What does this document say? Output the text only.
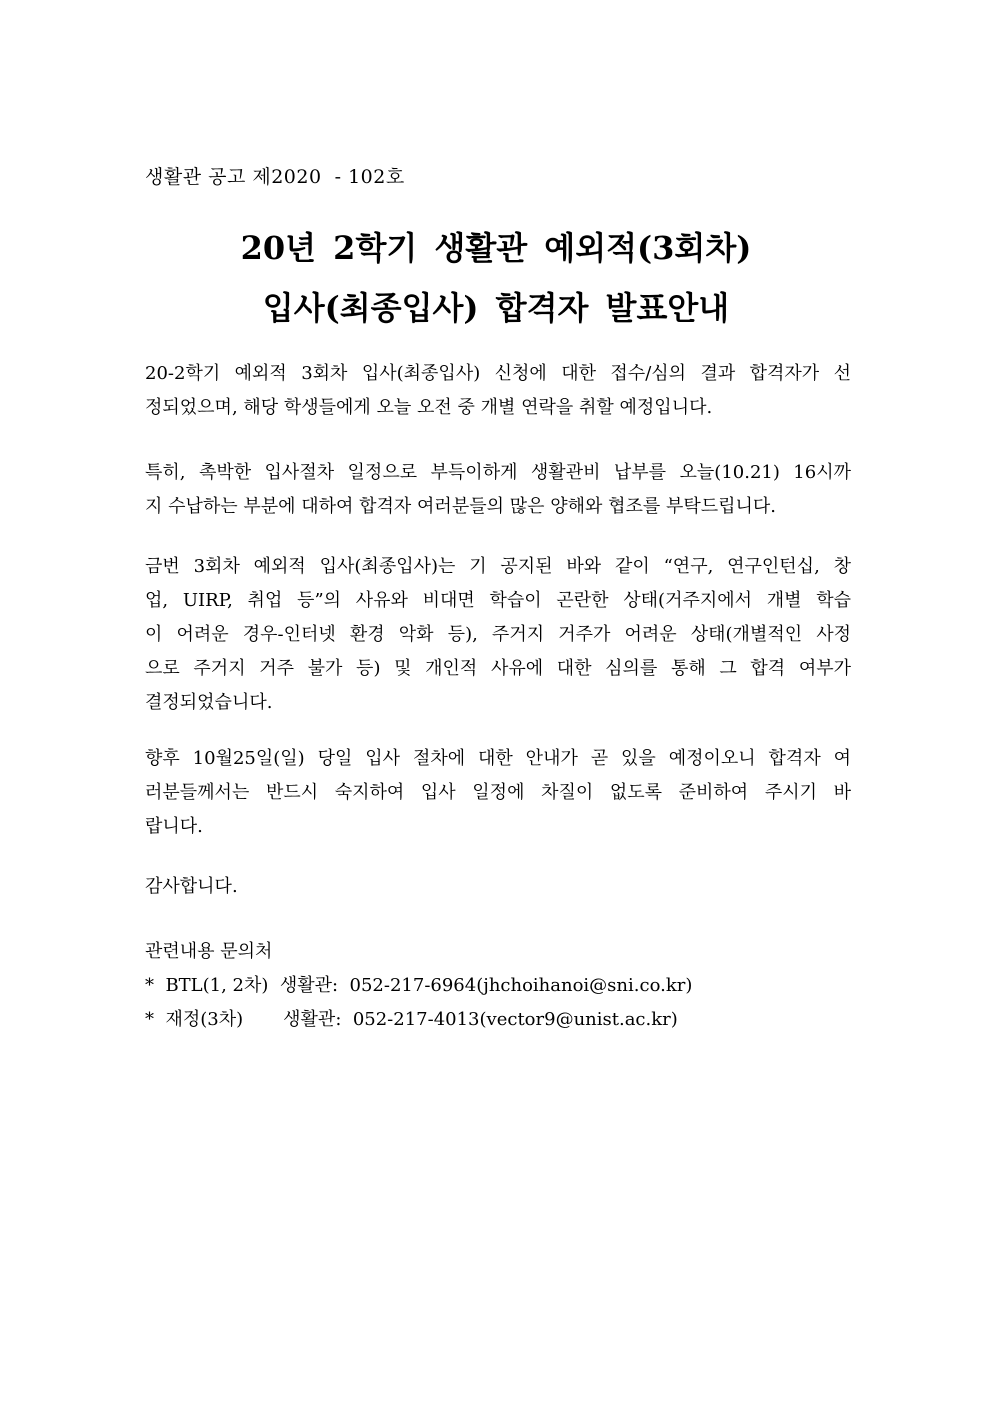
생활관 공고 제2020  - 102호
20년 2학기 생활관 예외적(3회차)
입사(최종입사) 합격자 발표안내
20-2학기 예외적 3회차 입사(최종입사) 신청에 대한 접수/심의 결과 합격자가 선
정되었으며, 해당 학생들에게 오늘 오전 중 개별 연락을 취할 예정입니다.
특히, 촉박한 입사절차 일정으로 부득이하게 생활관비 납부를 오늘(10.21) 16시까
지 수납하는 부분에 대하여 합격자 여러분들의 많은 양해와 협조를 부탁드립니다.
금번 3회차 예외적 입사(최종입사)는 기 공지된 바와 같이 “연구, 연구인턴십, 창
업, UIRP, 취업 등”의 사유와 비대면 학습이 곤란한 상태(거주지에서 개별 학습
이 어려운 경우-인터넷 환경 악화 등), 주거지 거주가 어려운 상태(개별적인 사정
으로 주거지 거주 불가 등) 및 개인적 사유에 대한 심의를 통해 그 합격 여부가
결정되었습니다.
향후 10월25일(일) 당일 입사 절차에 대한 안내가 곧 있을 예정이오니 합격자 여
러분들께서는 반드시 숙지하여 입사 일정에 차질이 없도록 준비하여 주시기 바
랍니다.
감사합니다.
관련내용 문의처
*  BTL(1, 2차)  생활관:  052-217-6964(jhchoihanoi@sni.co.kr)
*  재정(3차)       생활관:  052-217-4013(vector9@unist.ac.kr)
